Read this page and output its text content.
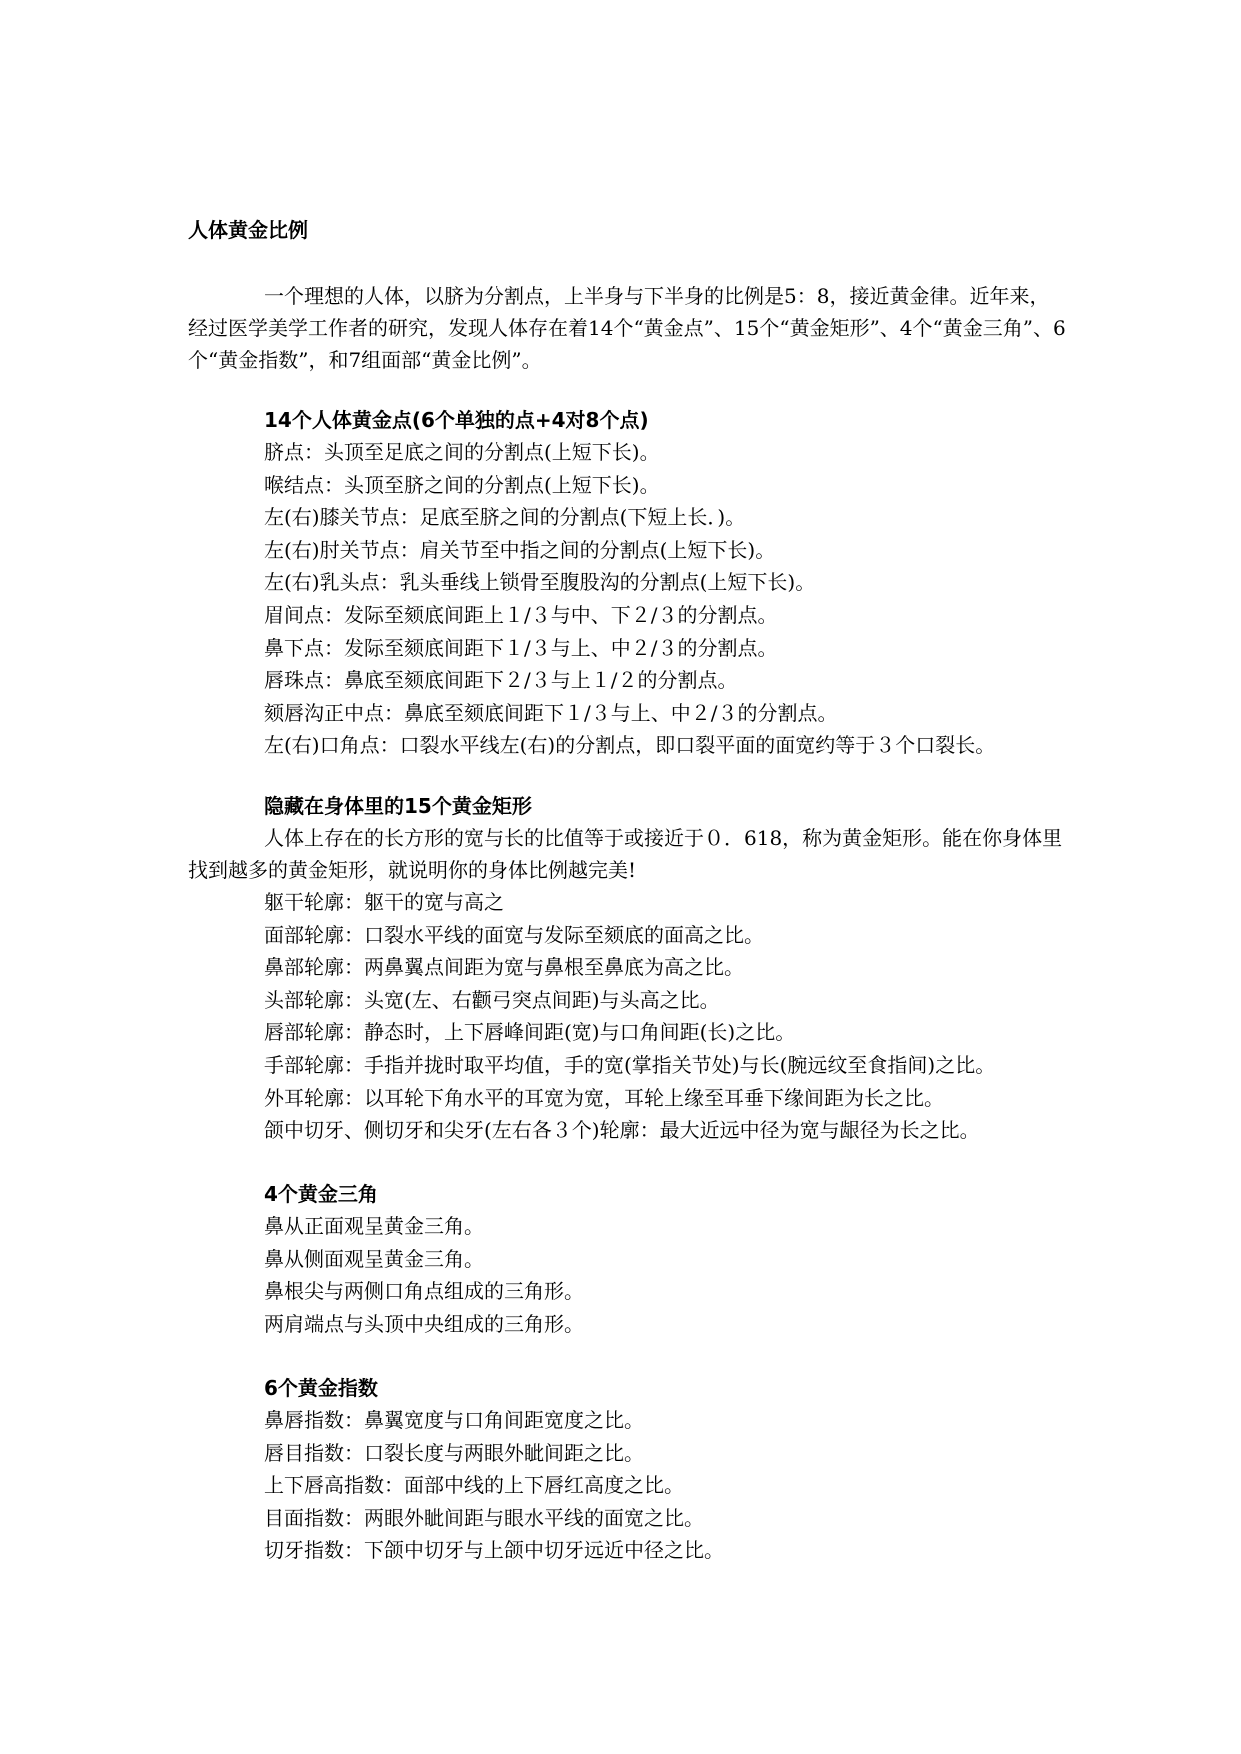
人体黄金比例

一个理想的人体，以脐为分割点，上半身与下半身的比例是5：8，接近黄金律。近年来，经过医学美学工作者的研究，发现人体存在着14个“黄金点”、15个“黄金矩形”、4个“黄金三角”、6个“黄金指数”，和7组面部“黄金比例”。

14个人体黄金点(6个单独的点+4对8个点)
脐点：头顶至足底之间的分割点(上短下长)。
喉结点：头顶至脐之间的分割点(上短下长)。
左(右)膝关节点：足底至脐之间的分割点(下短上长．)。
左(右)肘关节点：肩关节至中指之间的分割点(上短下长)。
左(右)乳头点：乳头垂线上锁骨至腹股沟的分割点(上短下长)。
眉间点：发际至颏底间距上１/３与中、下２/３的分割点。
鼻下点：发际至颏底间距下１/３与上、中２/３的分割点。
唇珠点：鼻底至颏底间距下２/３与上１/２的分割点。
颏唇沟正中点：鼻底至颏底间距下１/３与上、中２/３的分割点。
左(右)口角点：口裂水平线左(右)的分割点，即口裂平面的面宽约等于３个口裂长。
隐藏在身体里的15个黄金矩形

人体上存在的长方形的宽与长的比值等于或接近于０．618，称为黄金矩形。能在你身体里找到越多的黄金矩形，就说明你的身体比例越完美!

躯干轮廓：躯干的宽与高之
面部轮廓：口裂水平线的面宽与发际至颏底的面高之比。
鼻部轮廓：两鼻翼点间距为宽与鼻根至鼻底为高之比。
头部轮廓：头宽(左、右颧弓突点间距)与头高之比。
唇部轮廓：静态时，上下唇峰间距(宽)与口角间距(长)之比。
手部轮廓：手指并拢时取平均值，手的宽(掌指关节处)与长(腕远纹至食指间)之比。
外耳轮廓：以耳轮下角水平的耳宽为宽，耳轮上缘至耳垂下缘间距为长之比。
颌中切牙、侧切牙和尖牙(左右各３个)轮廓：最大近远中径为宽与龈径为长之比。
4个黄金三角
鼻从正面观呈黄金三角。
鼻从侧面观呈黄金三角。
鼻根尖与两侧口角点组成的三角形。
两肩端点与头顶中央组成的三角形。
6个黄金指数
鼻唇指数：鼻翼宽度与口角间距宽度之比。
唇目指数：口裂长度与两眼外眦间距之比。
上下唇高指数：面部中线的上下唇红高度之比。
目面指数：两眼外眦间距与眼水平线的面宽之比。
切牙指数：下颌中切牙与上颌中切牙远近中径之比。
